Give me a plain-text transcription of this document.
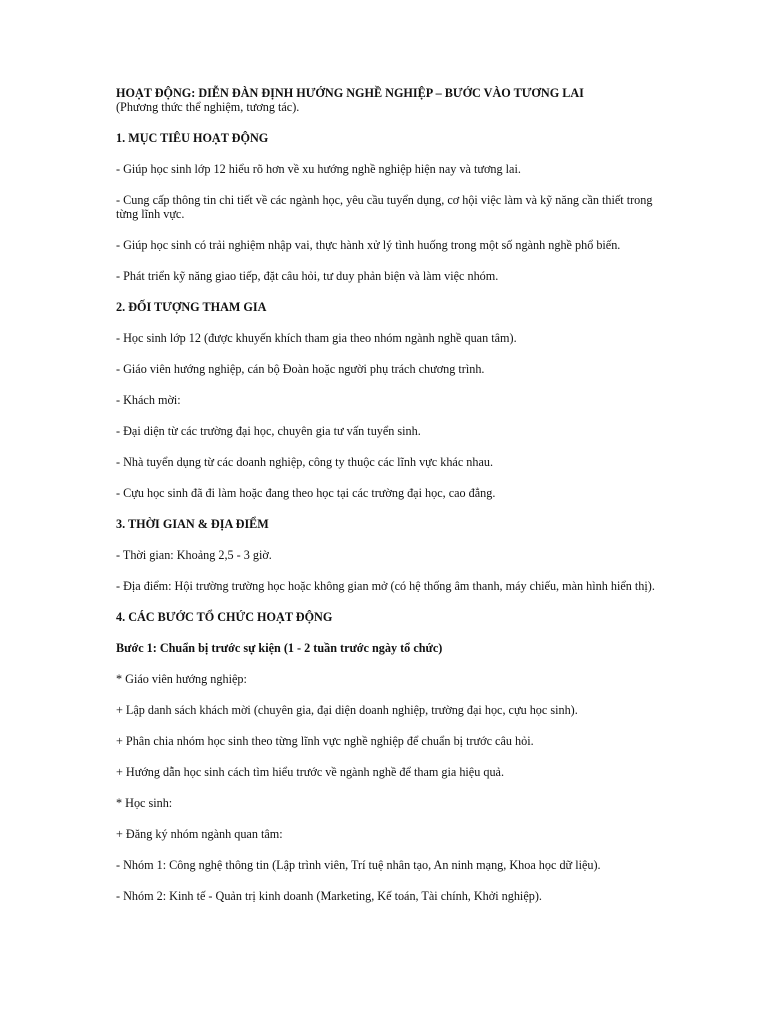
HOẠT ĐỘNG: DIỄN ĐÀN ĐỊNH HƯỚNG NGHỀ NGHIỆP – BƯỚC VÀO TƯƠNG LAI

(Phương thức thể nghiệm, tương tác).

1. MỤC TIÊU HOẠT ĐỘNG

- Giúp học sinh lớp 12 hiểu rõ hơn về xu hướng nghề nghiệp hiện nay và tương lai.

- Cung cấp thông tin chi tiết về các ngành học, yêu cầu tuyển dụng, cơ hội việc làm và kỹ năng cần thiết trong từng lĩnh vực.

- Giúp học sinh có trải nghiệm nhập vai, thực hành xử lý tình huống trong một số ngành nghề phổ biến.

- Phát triển kỹ năng giao tiếp, đặt câu hỏi, tư duy phản biện và làm việc nhóm.

2. ĐỐI TƯỢNG THAM GIA

- Học sinh lớp 12 (được khuyến khích tham gia theo nhóm ngành nghề quan tâm).

- Giáo viên hướng nghiệp, cán bộ Đoàn hoặc người phụ trách chương trình.

- Khách mời:

- Đại diện từ các trường đại học, chuyên gia tư vấn tuyển sinh.

- Nhà tuyển dụng từ các doanh nghiệp, công ty thuộc các lĩnh vực khác nhau.

- Cựu học sinh đã đi làm hoặc đang theo học tại các trường đại học, cao đẳng.

3. THỜI GIAN & ĐỊA ĐIỂM

- Thời gian: Khoảng 2,5 - 3 giờ.

- Địa điểm: Hội trường trường học hoặc không gian mở (có hệ thống âm thanh, máy chiếu, màn hình hiển thị).

4. CÁC BƯỚC TỔ CHỨC HOẠT ĐỘNG

Bước 1: Chuẩn bị trước sự kiện (1 - 2 tuần trước ngày tổ chức)

* Giáo viên hướng nghiệp:

+ Lập danh sách khách mời (chuyên gia, đại diện doanh nghiệp, trường đại học, cựu học sinh).

+ Phân chia nhóm học sinh theo từng lĩnh vực nghề nghiệp để chuẩn bị trước câu hỏi.

+ Hướng dẫn học sinh cách tìm hiểu trước về ngành nghề để tham gia hiệu quả.

* Học sinh:

+ Đăng ký nhóm ngành quan tâm:

- Nhóm 1: Công nghệ thông tin (Lập trình viên, Trí tuệ nhân tạo, An ninh mạng, Khoa học dữ liệu).

- Nhóm 2: Kinh tế - Quản trị kinh doanh (Marketing, Kế toán, Tài chính, Khởi nghiệp).
